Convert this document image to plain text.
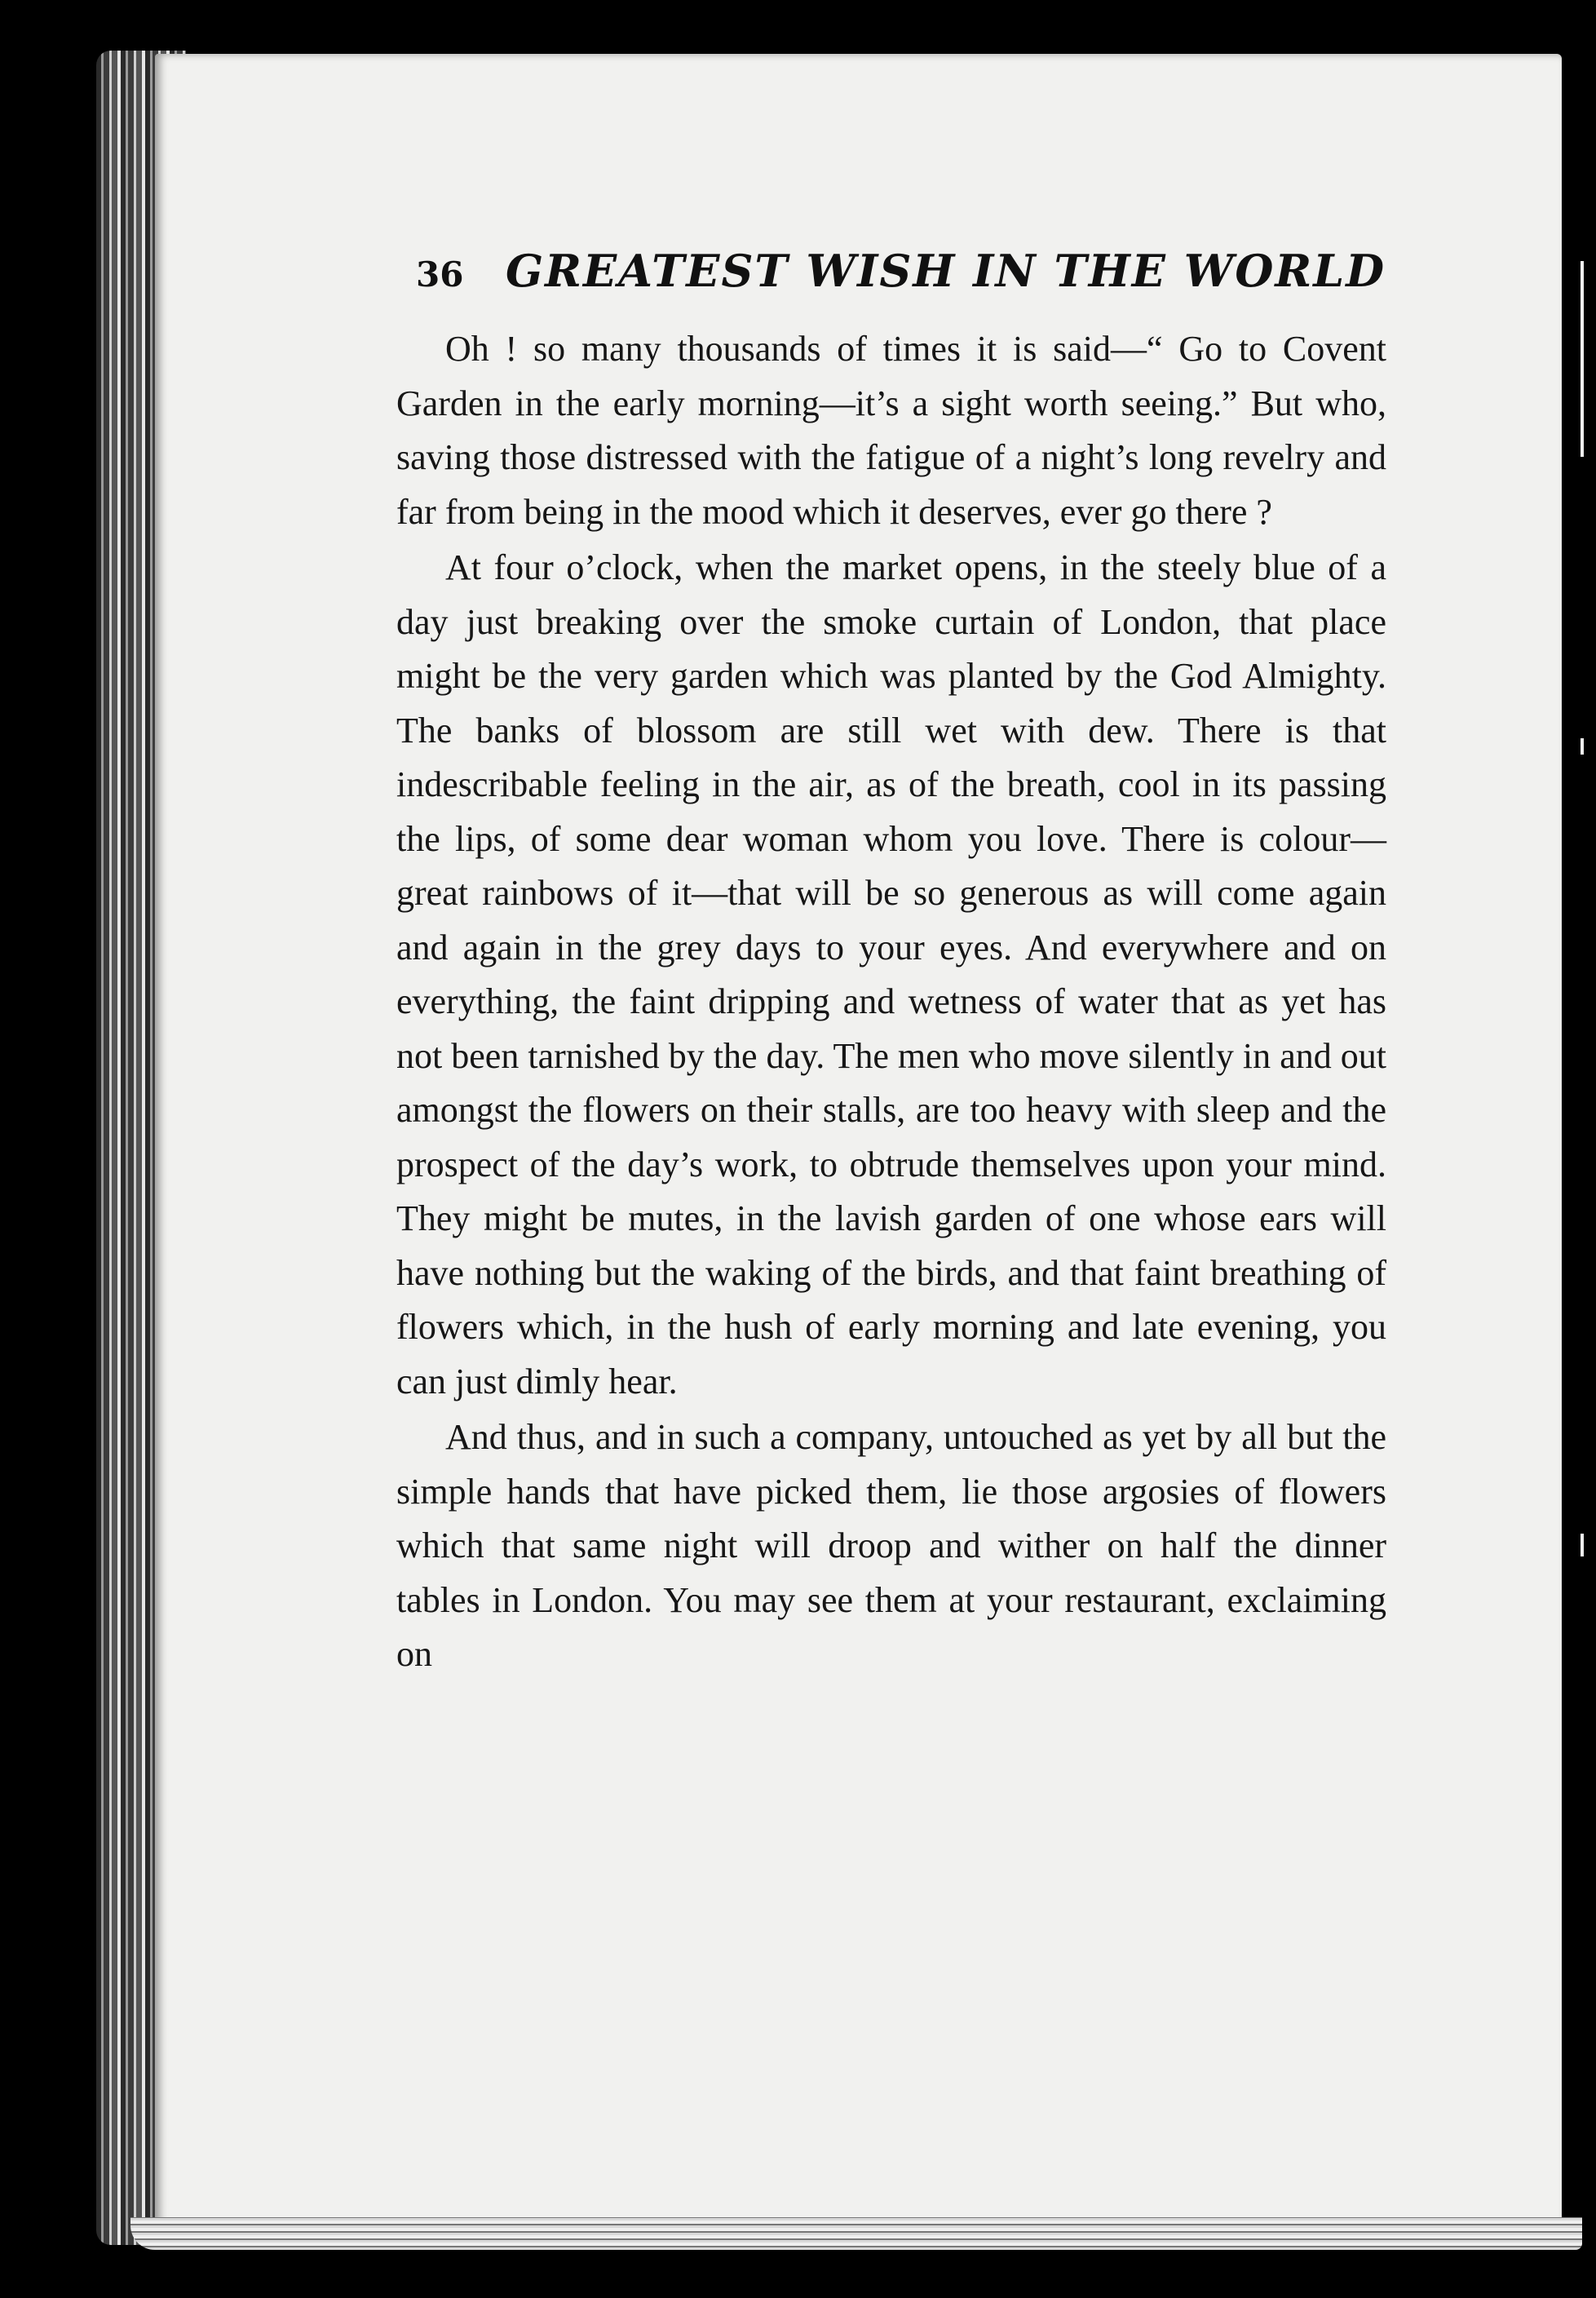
36 GREATEST WISH IN THE WORLD

Oh ! so many thousands of times it is said—“ Go to Covent Garden in the early morning—it’s a sight worth seeing.” But who, saving those distressed with the fatigue of a night’s long revelry and far from being in the mood which it deserves, ever go there ?

At four o’clock, when the market opens, in the steely blue of a day just breaking over the smoke curtain of London, that place might be the very garden which was planted by the God Almighty. The banks of blossom are still wet with dew. There is that indescribable feeling in the air, as of the breath, cool in its passing the lips, of some dear woman whom you love. There is colour—great rainbows of it—that will be so generous as will come again and again in the grey days to your eyes. And everywhere and on everything, the faint dripping and wetness of water that as yet has not been tarnished by the day. The men who move silently in and out amongst the flowers on their stalls, are too heavy with sleep and the prospect of the day’s work, to obtrude themselves upon your mind. They might be mutes, in the lavish garden of one whose ears will have nothing but the waking of the birds, and that faint breathing of flowers which, in the hush of early morning and late evening, you can just dimly hear.

And thus, and in such a company, untouched as yet by all but the simple hands that have picked them, lie those argosies of flowers which that same night will droop and wither on half the dinner tables in London. You may see them at your restaurant, exclaiming on
